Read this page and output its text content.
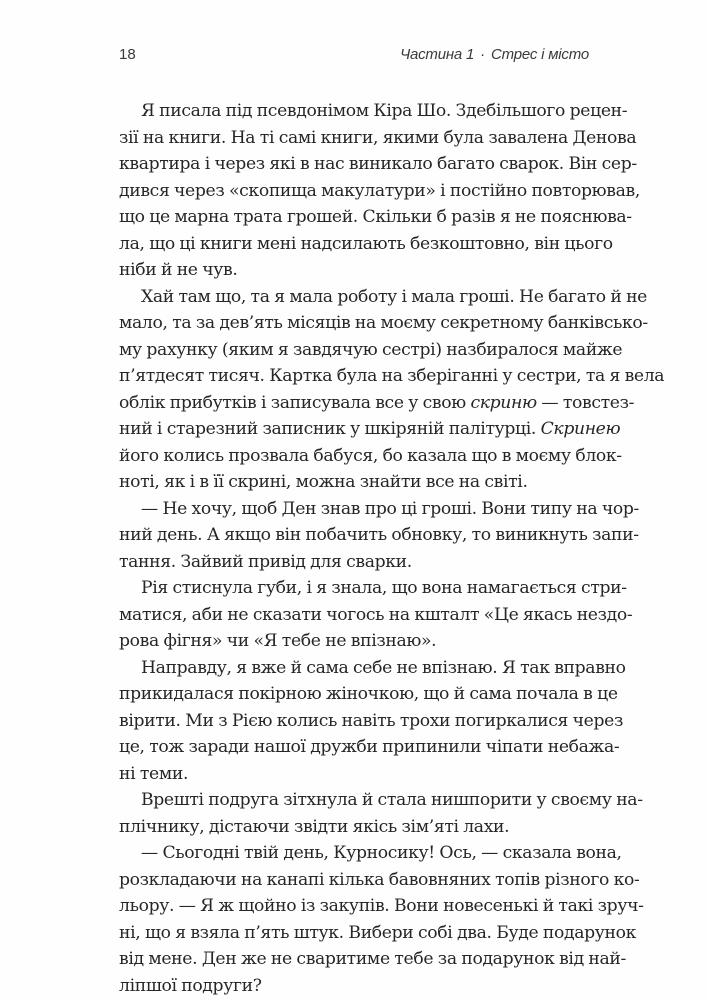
18	Частина 1 · Стрес і місто
Я писала під псевдонімом Кіра Шо. Здебільшого рецен-
зії на книги. На ті самі книги, якими була завалена Денова
квартира і через які в нас виникало багато сварок. Він сер-
дився через «скопища макулатури» і постійно повторював,
що це марна трата грошей. Скільки б разів я не пояснюва-
ла, що ці книги мені надсилають безкоштовно, він цього
ніби й не чув.
Хай там що, та я мала роботу і мала гроші. Не багато й не
мало, та за дев’ять місяців на моєму секретному банківсько-
му рахунку (яким я завдячую сестрі) назбиралося майже
п’ятдесят тисяч. Картка була на зберіганні у сестри, та я вела
облік прибутків і записувала все у свою скриню — товстез-
ний і старезний записник у шкіряній палітурці. Скринею
його колись прозвала бабуся, бо казала що в моєму блок-
ноті, як і в її скрині, можна знайти все на світі.
— Не хочу, щоб Ден знав про ці гроші. Вони типу на чор-
ний день. А якщо він побачить обновку, то виникнуть запи-
тання. Зайвий привід для сварки.
Рія стиснула губи, і я знала, що вона намагається стри-
матися, аби не сказати чогось на кшталт «Це якась нездо-
рова фігня» чи «Я тебе не впізнаю».
Направду, я вже й сама себе не впізнаю. Я так вправно
прикидалася покірною жіночкою, що й сама почала в це
вірити. Ми з Рією колись навіть трохи погиркалися через
це, тож заради нашої дружби припинили чіпати небажа-
ні теми.
Врешті подруга зітхнула й стала нишпорити у своєму на-
плічнику, дістаючи звідти якісь зім’яті лахи.
— Сьогодні твій день, Курносику! Ось, — сказала вона,
розкладаючи на канапі кілька бавовняних топів різного ко-
льору. — Я ж щойно із закупів. Вони новесенькі й такі зруч-
ні, що я взяла п’ять штук. Вибери собі два. Буде подарунок
від мене. Ден же не сваритиме тебе за подарунок від най-
ліпшої подруги?
